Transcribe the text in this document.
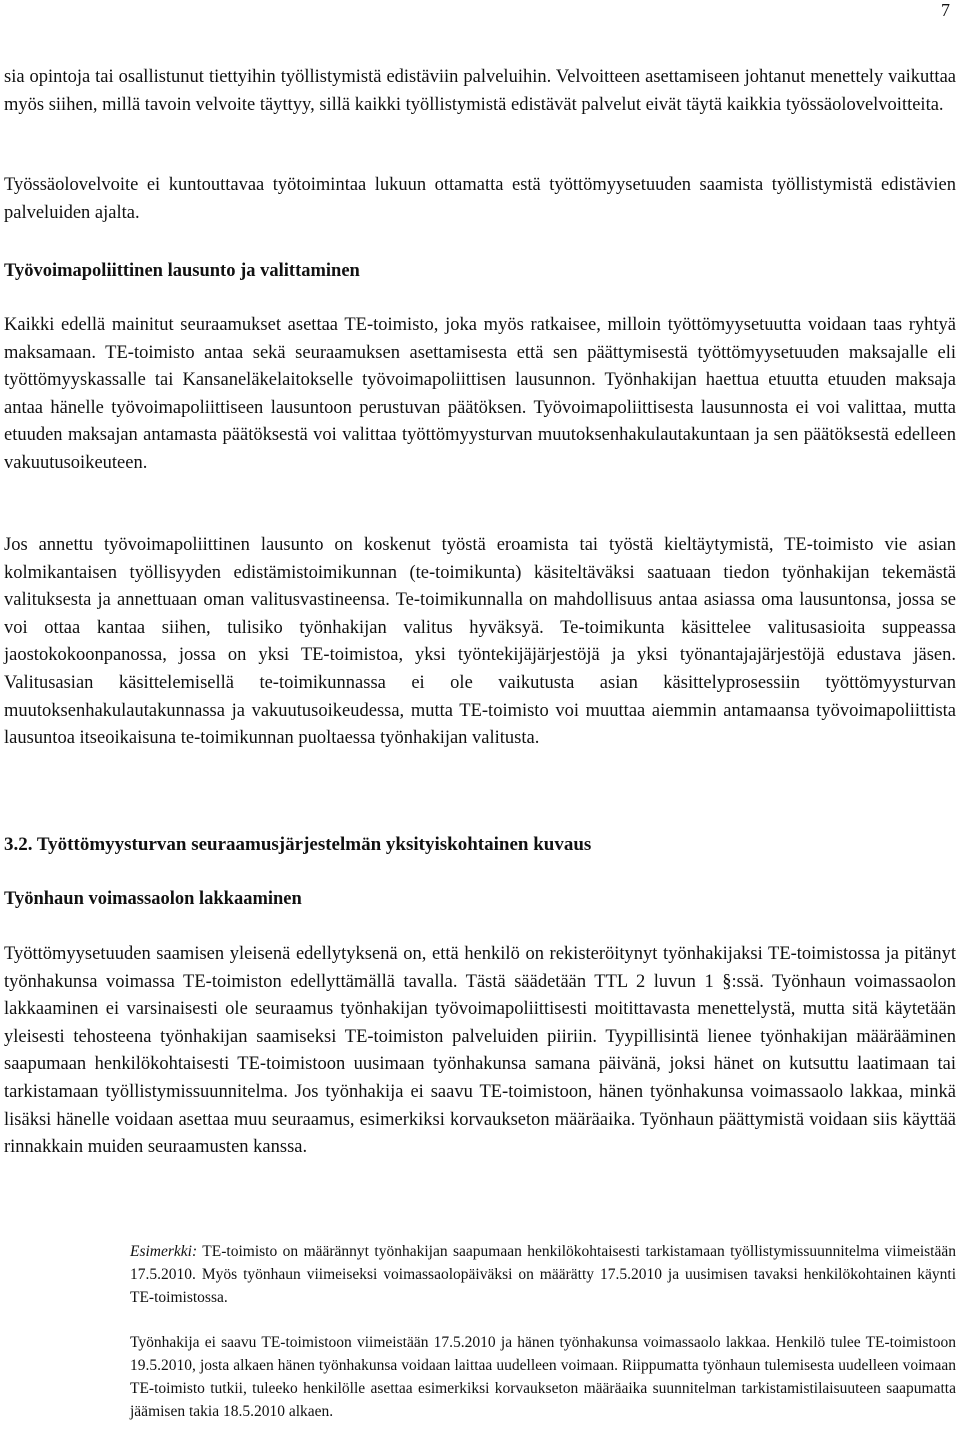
7

sia opintoja tai osallistunut tiettyihin työllistymistä edistäviin palveluihin. Velvoitteen asettamiseen johtanut menettely vaikuttaa myös siihen, millä tavoin velvoite täyttyy, sillä kaikki työllistymistä edistävät palvelut eivät täytä kaikkia työssäolovelvoitteita.

Työssäolovelvoite ei kuntouttavaa työtoimintaa lukuun ottamatta estä työttömyysetuuden saamista työllistymistä edistävien palveluiden ajalta.

Työvoimapoliittinen lausunto ja valittaminen

Kaikki edellä mainitut seuraamukset asettaa TE-toimisto, joka myös ratkaisee, milloin työttömyysetuutta voidaan taas ryhtyä maksamaan. TE-toimisto antaa sekä seuraamuksen asettamisesta että sen päättymisestä työttömyysetuuden maksajalle eli työttömyyskassalle tai Kansaneläkelaitokselle työvoimapoliittisen lausunnon. Työnhakijan haettua etuutta etuuden maksaja antaa hänelle työvoimapoliittiseen lausuntoon perustuvan päätöksen. Työvoimapoliittisesta lausunnosta ei voi valittaa, mutta etuuden maksajan antamasta päätöksestä voi valittaa työttömyysturvan muutoksenhakulautakuntaan ja sen päätöksestä edelleen vakuutusoikeuteen.

Jos annettu työvoimapoliittinen lausunto on koskenut työstä eroamista tai työstä kieltäytymistä, TE-toimisto vie asian kolmikantaisen työllisyyden edistämistoimikunnan (te-toimikunta) käsiteltäväksi saatuaan tiedon työnhakijan tekemästä valituksesta ja annettuaan oman valitusvastineensa. Te-toimikunnalla on mahdollisuus antaa asiassa oma lausuntonsa, jossa se voi ottaa kantaa siihen, tulisiko työnhakijan valitus hyväksyä. Te-toimikunta käsittelee valitusasioita suppeassa jaostokokoonpanossa, jossa on yksi TE-toimistoa, yksi työntekijäjärjestöjä ja yksi työnantajajärjestöjä edustava jäsen. Valitusasian käsittelemisellä te-toimikunnassa ei ole vaikutusta asian käsittelyprosessiin työttömyysturvan muutoksenhakulautakunnassa ja vakuutusoikeudessa, mutta TE-toimisto voi muuttaa aiemmin antamaansa työvoimapoliittista lausuntoa itseoikaisuna te-toimikunnan puoltaessa työnhakijan valitusta.

3.2. Työttömyysturvan seuraamusjärjestelmän yksityiskohtainen kuvaus
Työnhaun voimassaolon lakkaaminen

Työttömyysetuuden saamisen yleisenä edellytyksenä on, että henkilö on rekisteröitynyt työnhakijaksi TE-toimistossa ja pitänyt työnhakunsa voimassa TE-toimiston edellyttämällä tavalla. Tästä säädetään TTL 2 luvun 1 §:ssä. Työnhaun voimassaolon lakkaaminen ei varsinaisesti ole seuraamus työnhakijan työvoimapoliittisesti moitittavasta menettelystä, mutta sitä käytetään yleisesti tehosteena työnhakijan saamiseksi TE-toimiston palveluiden piiriin. Tyypillisintä lienee työnhakijan määrääminen saapumaan henkilökohtaisesti TE-toimistoon uusimaan työnhakunsa samana päivänä, joksi hänet on kutsuttu laatimaan tai tarkistamaan työllistymissuunnitelma. Jos työnhakija ei saavu TE-toimistoon, hänen työnhakunsa voimassaolo lakkaa, minkä lisäksi hänelle voidaan asettaa muu seuraamus, esimerkiksi korvaukseton määräaika. Työnhaun päättymistä voidaan siis käyttää rinnakkain muiden seuraamusten kanssa.

Esimerkki: TE-toimisto on määrännyt työnhakijan saapumaan henkilökohtaisesti tarkistamaan työllistymissuunnitelma viimeistään 17.5.2010. Myös työnhaun viimeiseksi voimassaolopäiväksi on määrätty 17.5.2010 ja uusimisen tavaksi henkilökohtainen käynti TE-toimistossa.

Työnhakija ei saavu TE-toimistoon viimeistään 17.5.2010 ja hänen työnhakunsa voimassaolo lakkaa. Henkilö tulee TE-toimistoon 19.5.2010, josta alkaen hänen työnhakunsa voidaan laittaa uudelleen voimaan. Riippumatta työnhaun tulemisesta uudelleen voimaan TE-toimisto tutkii, tuleeko henkilölle asettaa esimerkiksi korvaukseton määräaika suunnitelman tarkistamistilaisuuteen saapumatta jäämisen takia 18.5.2010 alkaen.
